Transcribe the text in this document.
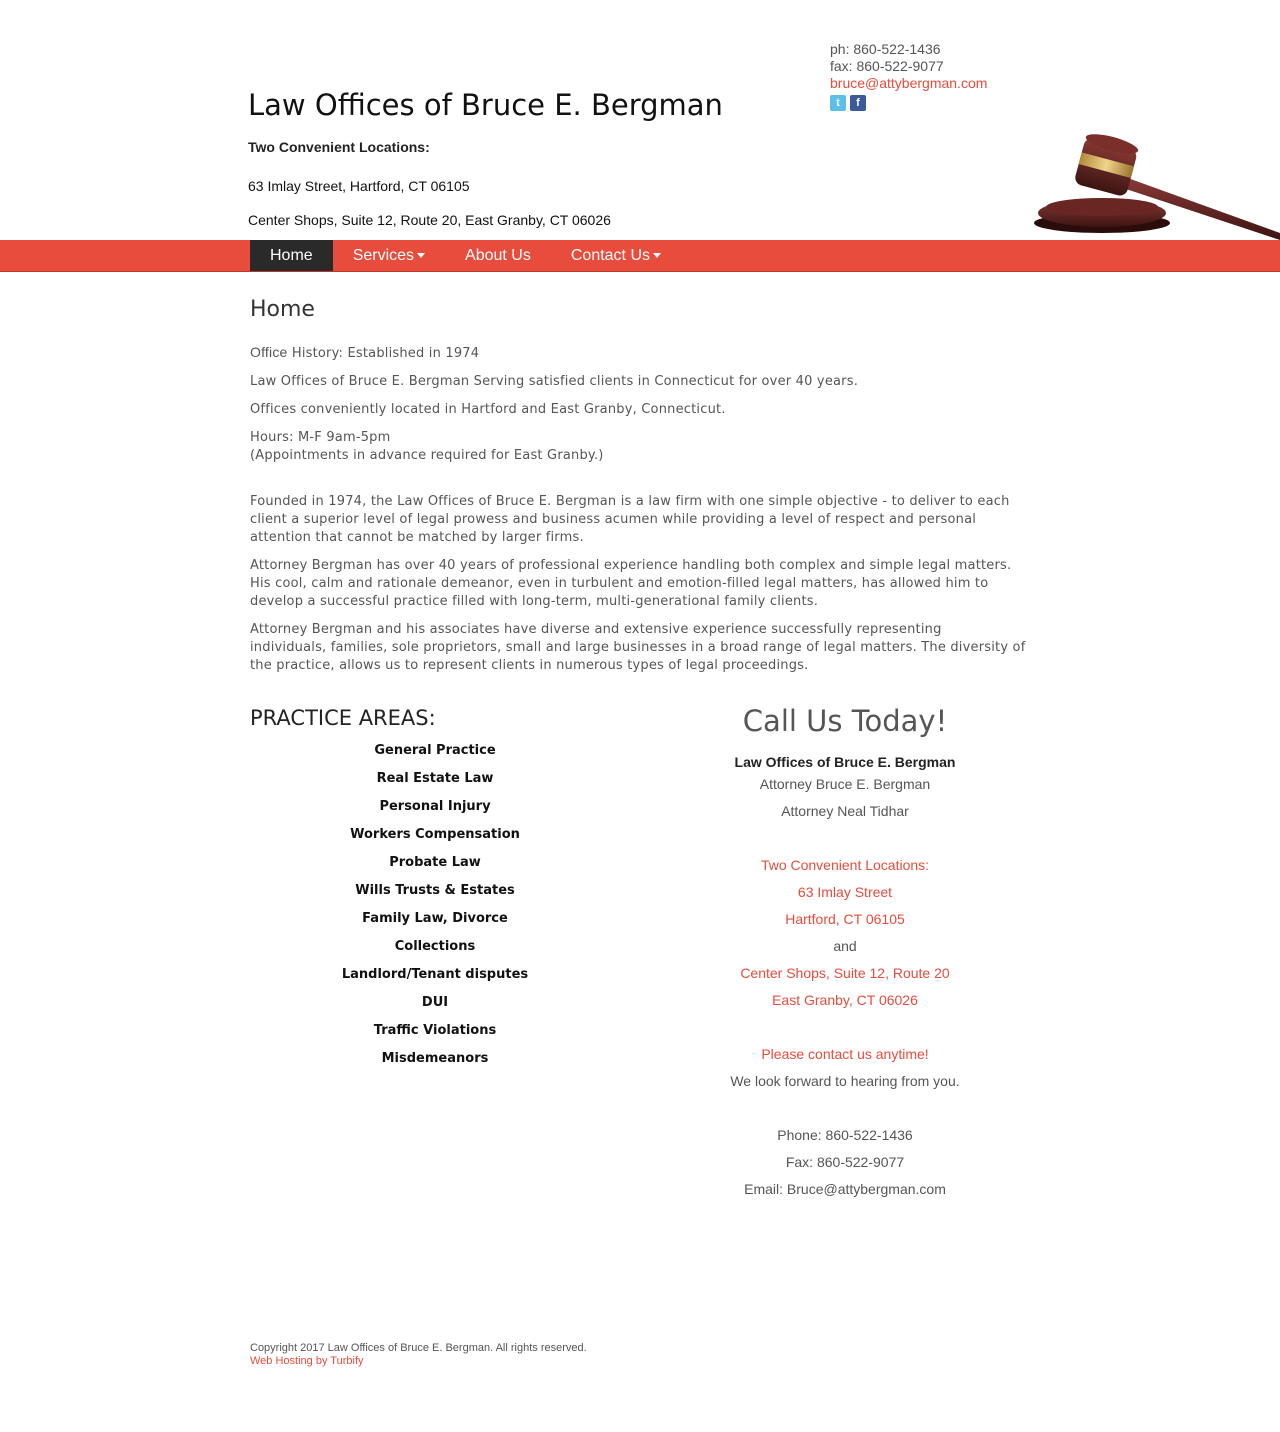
Law Offices of Bruce E. Bergman
Two Convenient Locations:
63 Imlay Street, Hartford, CT 06105
Center Shops, Suite 12, Route 20, East Granby, CT 06026
ph: 860-522-1436
fax: 860-522-9077
bruce@attybergman.com
t	f
Home	Services	About Us	Contact Us
Home

Office History: Established in 1974

Law Offices of Bruce E. Bergman Serving satisfied clients in Connecticut for over 40 years.

Offices conveniently located in Hartford and East Granby, Connecticut.

Hours: M-F 9am-5pm
(Appointments in advance required for East Granby.)

Founded in 1974, the Law Offices of Bruce E. Bergman is a law firm with one simple objective - to deliver to each client a superior level of legal prowess and business acumen while providing a level of respect and personal attention that cannot be matched by larger firms.

Attorney Bergman has over 40 years of professional experience handling both complex and simple legal matters. His cool, calm and rationale demeanor, even in turbulent and emotion-filled legal matters, has allowed him to develop a successful practice filled with long-term, multi-generational family clients.

Attorney Bergman and his associates have diverse and extensive experience successfully representing
individuals, families, sole proprietors, small and large businesses in a broad range of legal matters. The diversity of the practice, allows us to represent clients in numerous types of legal proceedings.

PRACTICE AREAS:
General Practice
Real Estate Law
Personal Injury
Workers Compensation
Probate Law
Wills Trusts & Estates
Family Law, Divorce
Collections
Landlord/Tenant disputes
DUI
Traffic Violations
Misdemeanors
Call Us Today!
Law Offices of Bruce E. Bergman
Attorney Bruce E. Bergman
Attorney Neal Tidhar
Two Convenient Locations:
63 Imlay Street
Hartford, CT 06105
and
Center Shops, Suite 12, Route 20
East Granby, CT 06026
Please contact us anytime!
We look forward to hearing from you.
Phone: 860-522-1436
Fax: 860-522-9077
Email: Bruce@attybergman.com
Copyright 2017 Law Offices of Bruce E. Bergman. All rights reserved.
Web Hosting by Turbify
